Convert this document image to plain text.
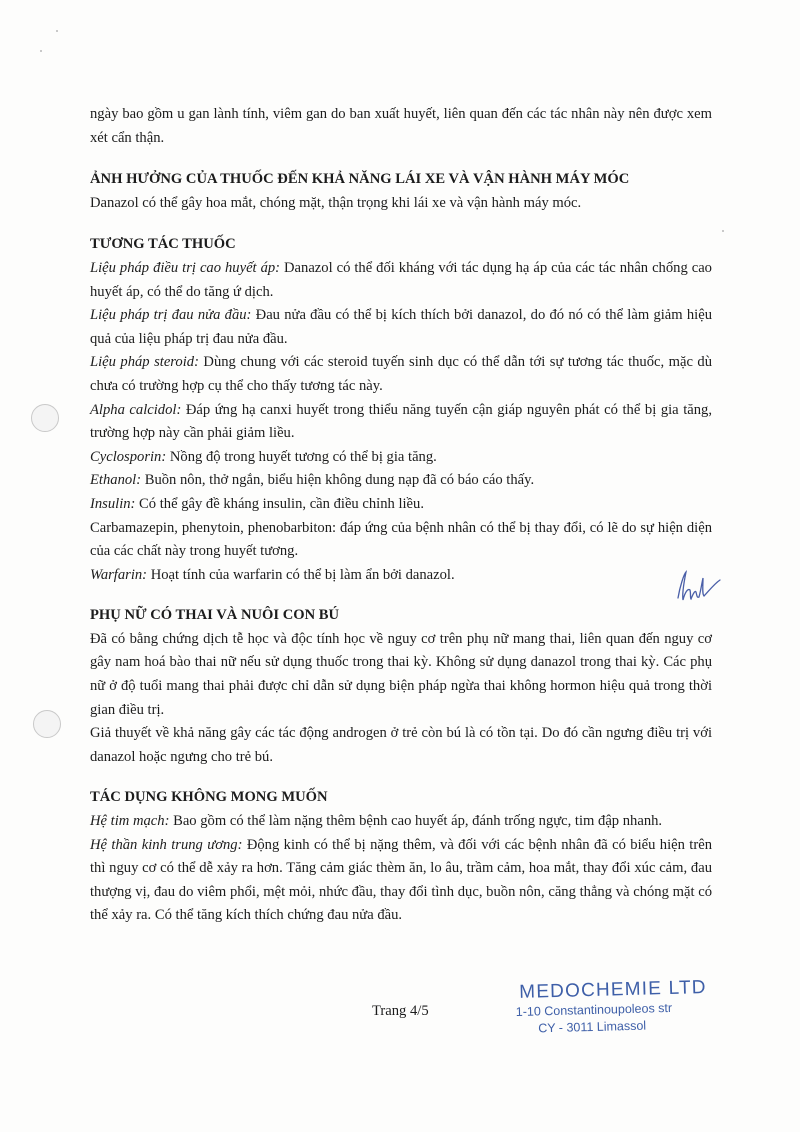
ngày bao gồm u gan lành tính, viêm gan do ban xuất huyết, liên quan đến các tác nhân này nên được xem xét cẩn thận.

ẢNH HƯỞNG CỦA THUỐC ĐẾN KHẢ NĂNG LÁI XE VÀ VẬN HÀNH MÁY MÓC

Danazol có thể gây hoa mắt, chóng mặt, thận trọng khi lái xe và vận hành máy móc.

TƯƠNG TÁC THUỐC

Liệu pháp điều trị cao huyết áp: Danazol có thể đối kháng với tác dụng hạ áp của các tác nhân chống cao huyết áp, có thể do tăng ứ dịch.

Liệu pháp trị đau nửa đầu: Đau nửa đầu có thể bị kích thích bởi danazol, do đó nó có thể làm giảm hiệu quả của liệu pháp trị đau nửa đầu.

Liệu pháp steroid: Dùng chung với các steroid tuyến sinh dục có thể dẫn tới sự tương tác thuốc, mặc dù chưa có trường hợp cụ thể cho thấy tương tác này.

Alpha calcidol: Đáp ứng hạ canxi huyết trong thiểu năng tuyến cận giáp nguyên phát có thể bị gia tăng, trường hợp này cần phải giảm liều.

Cyclosporin: Nồng độ trong huyết tương có thể bị gia tăng.

Ethanol: Buồn nôn, thở ngắn, biểu hiện không dung nạp đã có báo cáo thấy.

Insulin: Có thể gây đề kháng insulin, cần điều chỉnh liều.

Carbamazepin, phenytoin, phenobarbiton: đáp ứng của bệnh nhân có thể bị thay đổi, có lẽ do sự hiện diện của các chất này trong huyết tương.

Warfarin: Hoạt tính của warfarin có thể bị làm ẩn bởi danazol.

PHỤ NỮ CÓ THAI VÀ NUÔI CON BÚ

Đã có bằng chứng dịch tễ học và độc tính học về nguy cơ trên phụ nữ mang thai, liên quan đến nguy cơ gây nam hoá bào thai nữ nếu sử dụng thuốc trong thai kỳ. Không sử dụng danazol trong thai kỳ. Các phụ nữ ở độ tuổi mang thai phải được chỉ dẫn sử dụng biện pháp ngừa thai không hormon hiệu quả trong thời gian điều trị.

Giả thuyết về khả năng gây các tác động androgen ở trẻ còn bú là có tồn tại. Do đó cần ngưng điều trị với danazol hoặc ngưng cho trẻ bú.

TÁC DỤNG KHÔNG MONG MUỐN

Hệ tim mạch: Bao gồm có thể làm nặng thêm bệnh cao huyết áp, đánh trống ngực, tim đập nhanh.

Hệ thần kinh trung ương: Động kinh có thể bị nặng thêm, và đối với các bệnh nhân đã có biểu hiện trên thì nguy cơ có thể dễ xảy ra hơn. Tăng cảm giác thèm ăn, lo âu, trầm cảm, hoa mắt, thay đổi xúc cảm, đau thượng vị, đau do viêm phổi, mệt mỏi, nhức đầu, thay đổi tình dục, buồn nôn, căng thẳng và chóng mặt có thể xảy ra. Có thể tăng kích thích chứng đau nửa đầu.

Trang 4/5
MEDOCHEMIE LTD
1-10 Constantinoupoleos str
CY - 3011 Limassol
